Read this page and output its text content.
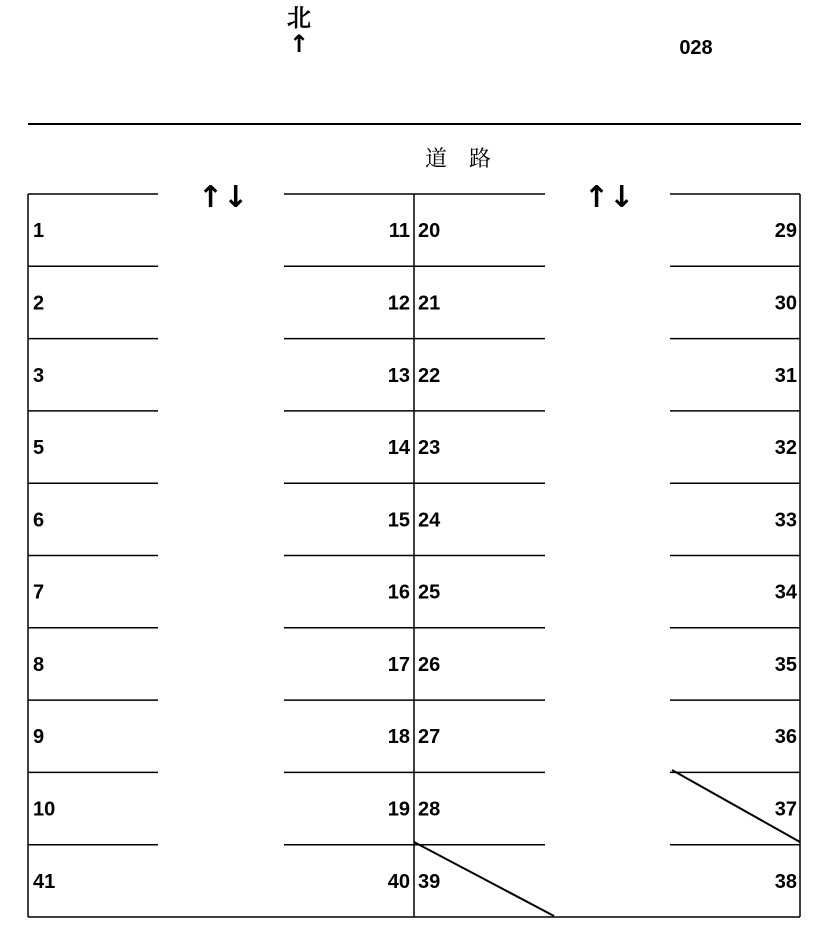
北
↑	028
道　路
↑↓	↑↓
1
2
3
5
6
7
8
9
10
41
11
12
13
14
15
16
17
18
19
40
20
21
22
23
24
25
26
27
28
39
29
30
31
32
33
34
35
36
37
38
